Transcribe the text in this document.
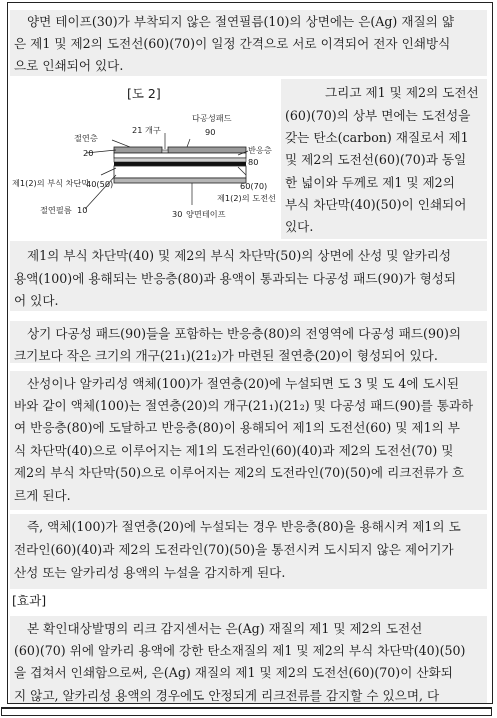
양면 테이프(30)가 부착되지 않은 절연필름(10)의 상면에는 은(Ag) 재질의 얇
은 제1 및 제2의 도전선(60)(70)이 일정 간격으로 서로 이격되어 전자 인쇄방식
으로 인쇄되어 있다.
[도 2]
21 개구
다공성패드
90
절연층
20	반응층
80
제1(2)의 부식 차단막
40(50)	60(70)
제1(2)의 도전선
절연필름 10	30 양면테이프
그리고 제1 및 제2의 도전선
(60)(70)의 상부 면에는 도전성을
갖는 탄소(carbon) 재질로서 제1
및 제2의 도전선(60)(70)과 동일
한 넓이와 두께로 제1 및 제2의
부식 차단막(40)(50)이 인쇄되어
있다.
제1의 부식 차단막(40) 및 제2의 부식 차단막(50)의 상면에 산성 및 알카리성
용액(100)에 용해되는 반응층(80)과 용액이 통과되는 다공성 패드(90)가 형성되
어 있다.
상기 다공성 패드(90)들을 포함하는 반응층(80)의 전영역에 다공성 패드(90)의
크기보다 작은 크기의 개구(21₁)(21₂)가 마련된 절연층(20)이 형성되어 있다.
산성이나 알카리성 액체(100)가 절연층(20)에 누설되면 도 3 및 도 4에 도시된
바와 같이 액체(100)는 절연층(20)의 개구(21₁)(21₂) 및 다공성 패드(90)를 통과하
여 반응층(80)에 도달하고 반응층(80)이 용해되어 제1의 도전선(60) 및 제1의 부
식 차단막(40)으로 이루어지는 제1의 도전라인(60)(40)과 제2의 도전선(70) 및
제2의 부식 차단막(50)으로 이루어지는 제2의 도전라인(70)(50)에 리크전류가 흐
르게 된다.
즉, 액체(100)가 절연층(20)에 누설되는 경우 반응층(80)을 용해시켜 제1의 도
전라인(60)(40)과 제2의 도전라인(70)(50)을 통전시켜 도시되지 않은 제어기가
산성 또는 알카리성 용액의 누설을 감지하게 된다.
[효과]
본 확인대상발명의 리크 감지센서는 은(Ag) 재질의 제1 및 제2의 도전선
(60)(70) 위에 알카리 용액에 강한 탄소재질의 제1 및 제2의 부식 차단막(40)(50)
을 겹쳐서 인쇄함으로써, 은(Ag) 재질의 제1 및 제2의 도전선(60)(70)이 산화되
지 않고, 알카리성 용액의 경우에도 안정되게 리크전류를 감지할 수 있으며, 다
